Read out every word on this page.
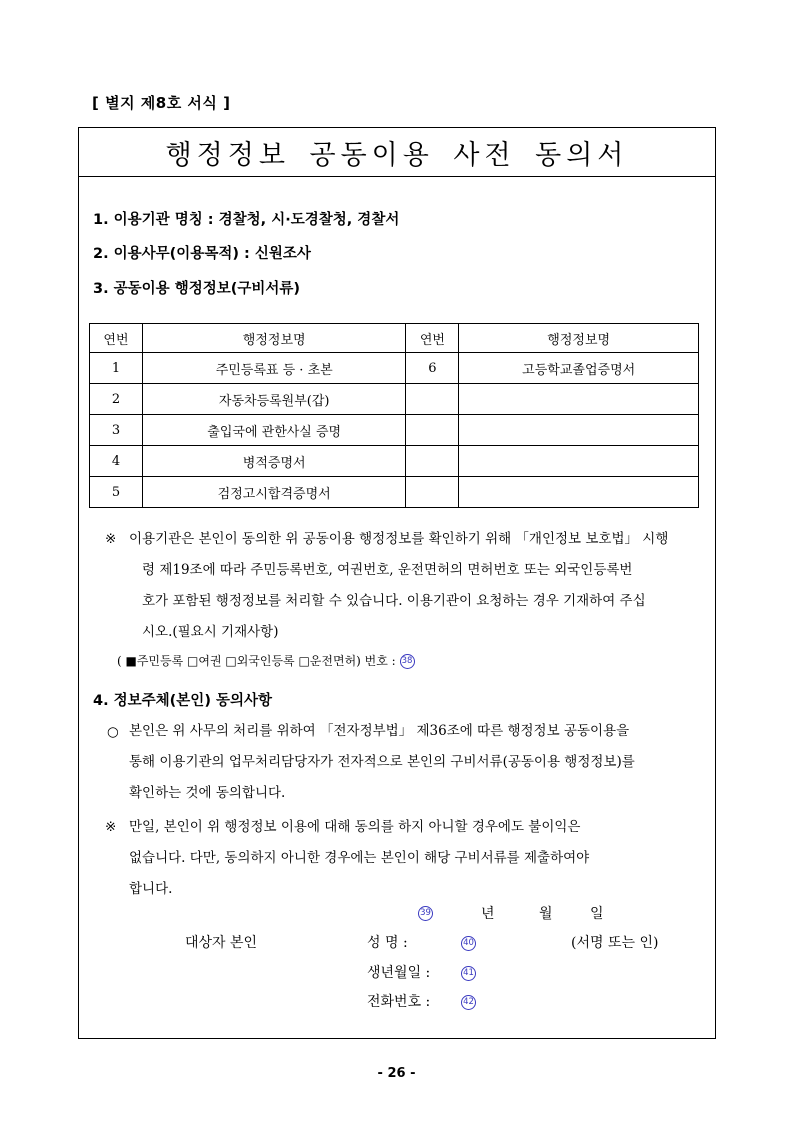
[ 별지 제8호 서식 ]
행정정보 공동이용 사전 동의서
1. 이용기관 명칭 : 경찰청, 시·도경찰청, 경찰서
2. 이용사무(이용목적) : 신원조사
3. 공동이용 행정정보(구비서류)
연번	행정정보명	연번	행정정보명
1	주민등록표 등 · 초본	6	고등학교졸업증명서
2	자동차등록원부(갑)		
3	출입국에 관한사실 증명		
4	병적증명서		
5	검정고시합격증명서		
※ 이용기관은 본인이 동의한 위 공동이용 행정정보를 확인하기 위해 「개인정보 보호법」 시행
령 제19조에 따라 주민등록번호, 여권번호, 운전면허의 면허번호 또는 외국인등록번
호가 포함된 행정정보를 처리할 수 있습니다. 이용기관이 요청하는 경우 기재하여 주십
시오.(필요시 기재사항)
( ■주민등록 □여권 □외국인등록 □운전면허) 번호 : 38
4. 정보주체(본인) 동의사항
○ 본인은 위 사무의 처리를 위하여 「전자정부법」 제36조에 따른 행정정보 공동이용을
통해 이용기관의 업무처리담당자가 전자적으로 본인의 구비서류(공동이용 행정정보)를
확인하는 것에 동의합니다.
※ 만일, 본인이 위 행정정보 이용에 대해 동의를 하지 아니할 경우에도 불이익은
없습니다. 다만, 동의하지 아니한 경우에는 본인이 해당 구비서류를 제출하여야
합니다.
39	년	월	일
대상자 본인	성 명 :	40	(서명 또는 인)
생년월일 :	41
전화번호 :	42
- 26 -
